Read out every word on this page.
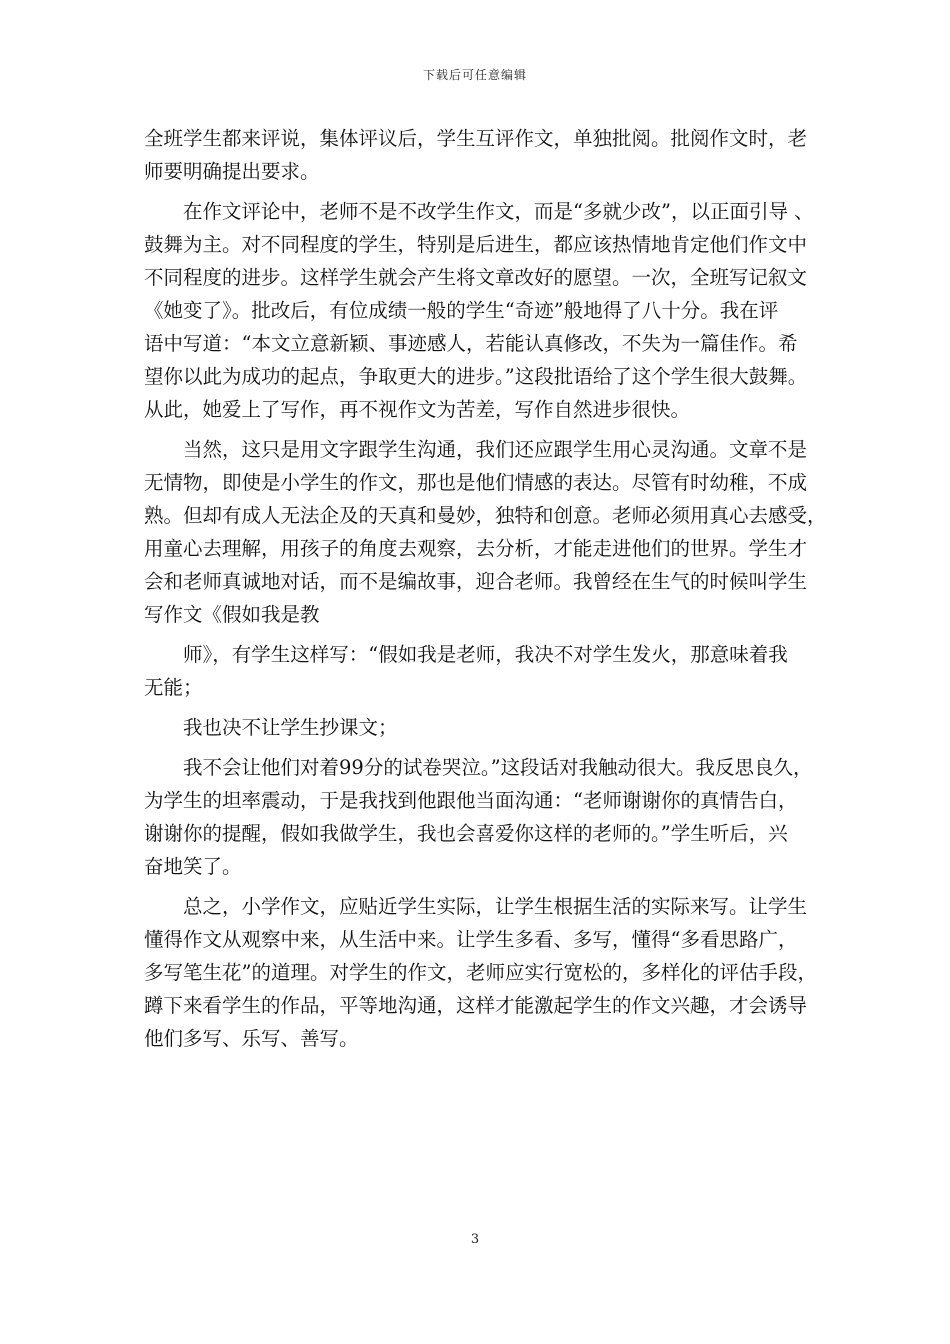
下载后可任意编辑
全班学生都来评说，集体评议后，学生互评作文，单独批阅。批阅作文时，老
师要明确提出要求。
在作文评论中，老师不是不改学生作文，而是“多就少改”，以正面引导 、
鼓舞为主。对不同程度的学生，特别是后进生，都应该热情地肯定他们作文中
不同程度的进步。这样学生就会产生将文章改好的愿望。一次，全班写记叙文
《她变了》。批改后，有位成绩一般的学生“奇迹”般地得了八十分。我在评
语中写道：“本文立意新颖、事迹感人，若能认真修改，不失为一篇佳作。希
望你以此为成功的起点，争取更大的进步。”这段批语给了这个学生很大鼓舞。
从此，她爱上了写作，再不视作文为苦差，写作自然进步很快。
当然，这只是用文字跟学生沟通，我们还应跟学生用心灵沟通。文章不是
无情物，即使是小学生的作文，那也是他们情感的表达。尽管有时幼稚，不成
熟。但却有成人无法企及的天真和曼妙，独特和创意。老师必须用真心去感受，
用童心去理解，用孩子的角度去观察，去分析，才能走进他们的世界。学生才
会和老师真诚地对话，而不是编故事，迎合老师。我曾经在生气的时候叫学生
写作文《假如我是教
师》，有学生这样写：“假如我是老师，我决不对学生发火，那意味着我
无能；
我也决不让学生抄课文；
我不会让他们对着99分的试卷哭泣。”这段话对我触动很大。我反思良久，
为学生的坦率震动，于是我找到他跟他当面沟通：“老师谢谢你的真情告白，
谢谢你的提醒，假如我做学生，我也会喜爱你这样的老师的。”学生听后，兴
奋地笑了。
总之，小学作文，应贴近学生实际，让学生根据生活的实际来写。让学生
懂得作文从观察中来，从生活中来。让学生多看、多写，懂得“多看思路广，
多写笔生花”的道理。对学生的作文，老师应实行宽松的，多样化的评估手段，
蹲下来看学生的作品，平等地沟通，这样才能激起学生的作文兴趣，才会诱导
他们多写、乐写、善写。
3
